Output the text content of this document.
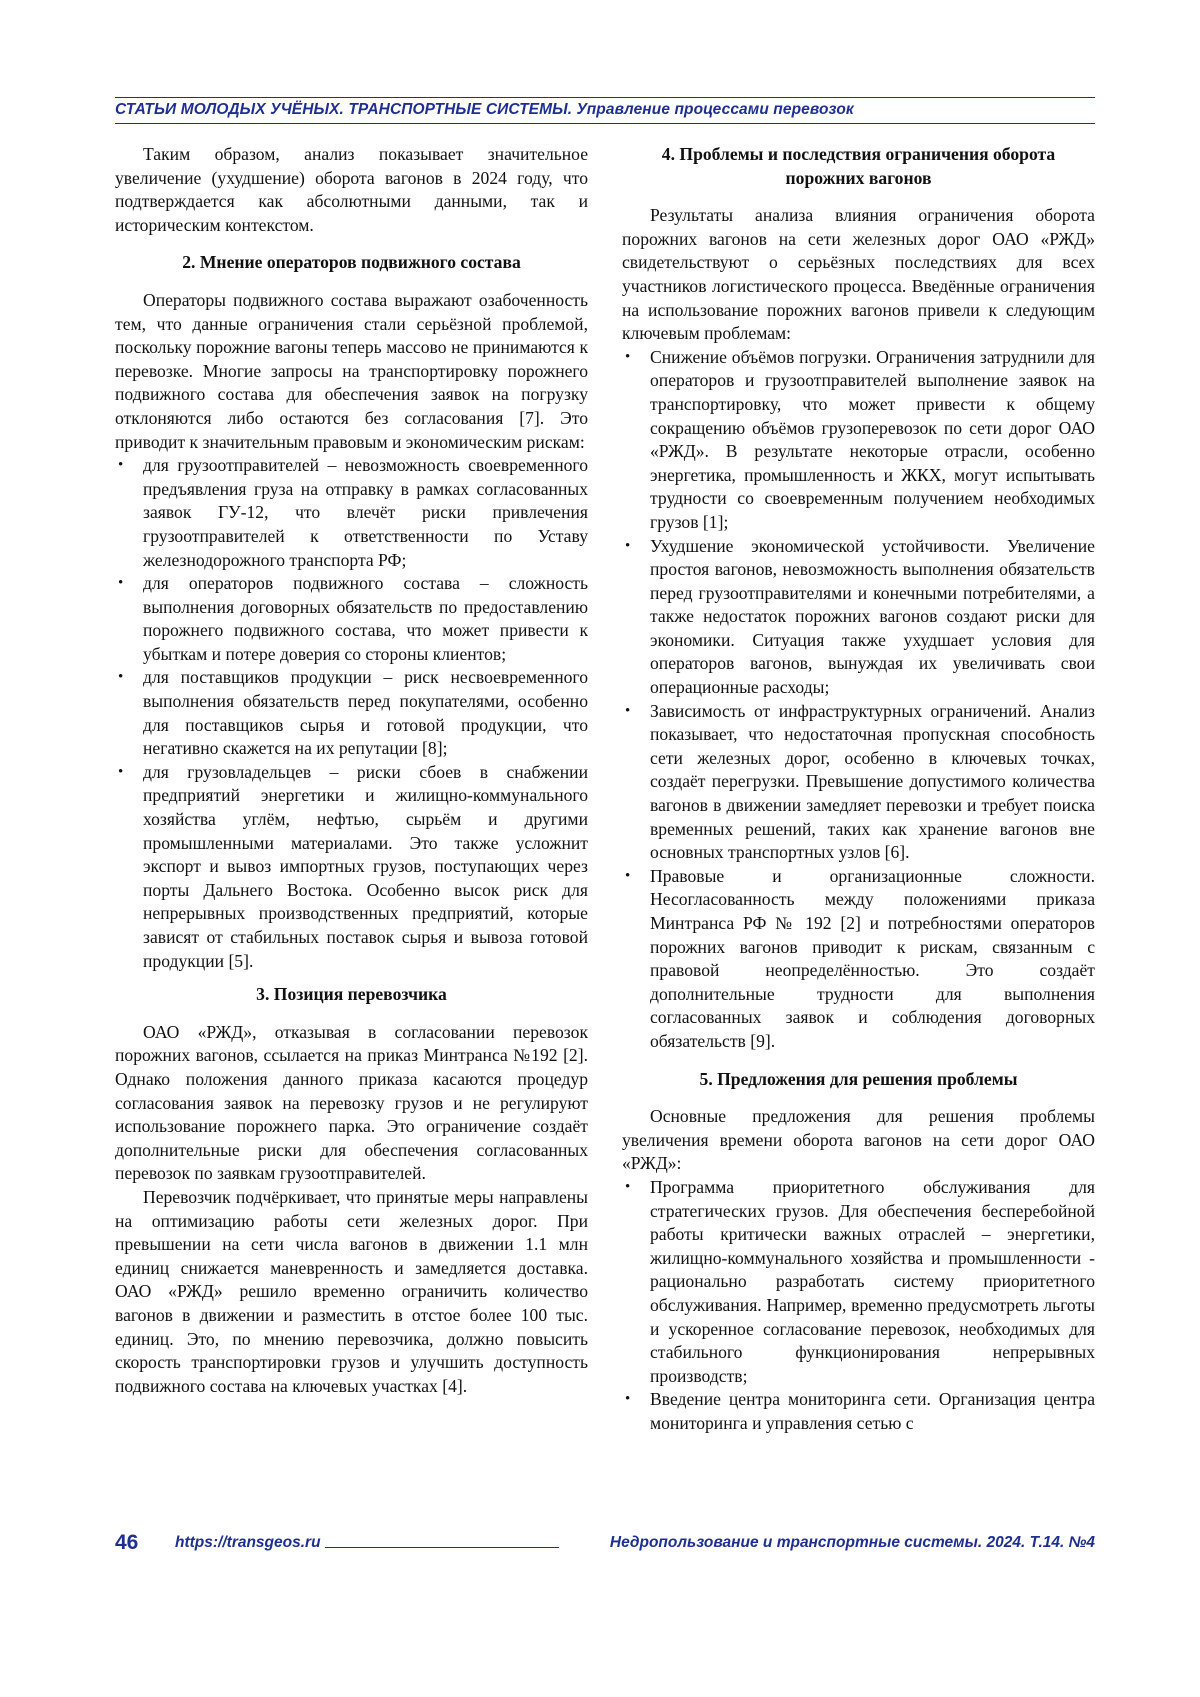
СТАТЬИ МОЛОДЫХ УЧЁНЫХ. ТРАНСПОРТНЫЕ СИСТЕМЫ. Управление процессами перевозок

Таким образом, анализ показывает значительное увеличение (ухудшение) оборота вагонов в 2024 году, что подтверждается как абсолютными данными, так и историческим контекстом.

2. Мнение операторов подвижного состава

Операторы подвижного состава выражают озабоченность тем, что данные ограничения стали серьёзной проблемой, поскольку порожние вагоны теперь массово не принимаются к перевозке. Многие запросы на транспортировку порожнего подвижного состава для обеспечения заявок на погрузку отклоняются либо остаются без согласования [7]. Это приводит к значительным правовым и экономическим рискам:

• для грузоотправителей – невозможность своевременного предъявления груза на отправку в рамках согласованных заявок ГУ-12, что влечёт риски привлечения грузоотправителей к ответственности по Уставу железнодорожного транспорта РФ;
• для операторов подвижного состава – сложность выполнения договорных обязательств по предоставлению порожнего подвижного состава, что может привести к убыткам и потере доверия со стороны клиентов;
• для поставщиков продукции – риск несвоевременного выполнения обязательств перед покупателями, особенно для поставщиков сырья и готовой продукции, что негативно скажется на их репутации [8];
• для грузовладельцев – риски сбоев в снабжении предприятий энергетики и жилищно-коммунального хозяйства углём, нефтью, сырьём и другими промышленными материалами. Это также усложнит экспорт и вывоз импортных грузов, поступающих через порты Дальнего Востока. Особенно высок риск для непрерывных производственных предприятий, которые зависят от стабильных поставок сырья и вывоза готовой продукции [5].
3. Позиция перевозчика

ОАО «РЖД», отказывая в согласовании перевозок порожних вагонов, ссылается на приказ Минтранса №192 [2]. Однако положения данного приказа касаются процедур согласования заявок на перевозку грузов и не регулируют использование порожнего парка. Это ограничение создаёт дополнительные риски для обеспечения согласованных перевозок по заявкам грузоотправителей.

Перевозчик подчёркивает, что принятые меры направлены на оптимизацию работы сети железных дорог. При превышении на сети числа вагонов в движении 1.1 млн единиц снижается маневренность и замедляется доставка. ОАО «РЖД» решило временно ограничить количество вагонов в движении и разместить в отстое более 100 тыс. единиц. Это, по мнению перевозчика, должно повысить скорость транспортировки грузов и улучшить доступность подвижного состава на ключевых участках [4].

4. Проблемы и последствия ограничения оборота
порожних вагонов

Результаты анализа влияния ограничения оборота порожних вагонов на сети железных дорог ОАО «РЖД» свидетельствуют о серьёзных последствиях для всех участников логистического процесса. Введённые ограничения на использование порожних вагонов привели к следующим ключевым проблемам:

• Снижение объёмов погрузки. Ограничения затруднили для операторов и грузоотправителей выполнение заявок на транспортировку, что может привести к общему сокращению объёмов грузоперевозок по сети дорог ОАО «РЖД». В результате некоторые отрасли, особенно энергетика, промышленность и ЖКХ, могут испытывать трудности со своевременным получением необходимых грузов [1];
• Ухудшение экономической устойчивости. Увеличение простоя вагонов, невозможность выполнения обязательств перед грузоотправителями и конечными потребителями, а также недостаток порожних вагонов создают риски для экономики. Ситуация также ухудшает условия для операторов вагонов, вынуждая их увеличивать свои операционные расходы;
• Зависимость от инфраструктурных ограничений. Анализ показывает, что недостаточная пропускная способность сети железных дорог, особенно в ключевых точках, создаёт перегрузки. Превышение допустимого количества вагонов в движении замедляет перевозки и требует поиска временных решений, таких как хранение вагонов вне основных транспортных узлов [6].
• Правовые и организационные сложности. Несогласованность между положениями приказа Минтранса РФ № 192 [2] и потребностями операторов порожних вагонов приводит к рискам, связанным с правовой неопределённостью. Это создаёт дополнительные трудности для выполнения согласованных заявок и соблюдения договорных обязательств [9].
5. Предложения для решения проблемы

Основные предложения для решения проблемы увеличения времени оборота вагонов на сети дорог ОАО «РЖД»:

• Программа приоритетного обслуживания для стратегических грузов. Для обеспечения бесперебойной работы критически важных отраслей – энергетики, жилищно-коммунального хозяйства и промышленности - рационально разработать систему приоритетного обслуживания. Например, временно предусмотреть льготы и ускоренное согласование перевозок, необходимых для стабильного функционирования непрерывных производств;
• Введение центра мониторинга сети. Организация центра мониторинга и управления сетью с
46 https://transgeos.ru	Недропользование и транспортные системы. 2024. Т.14. №4
